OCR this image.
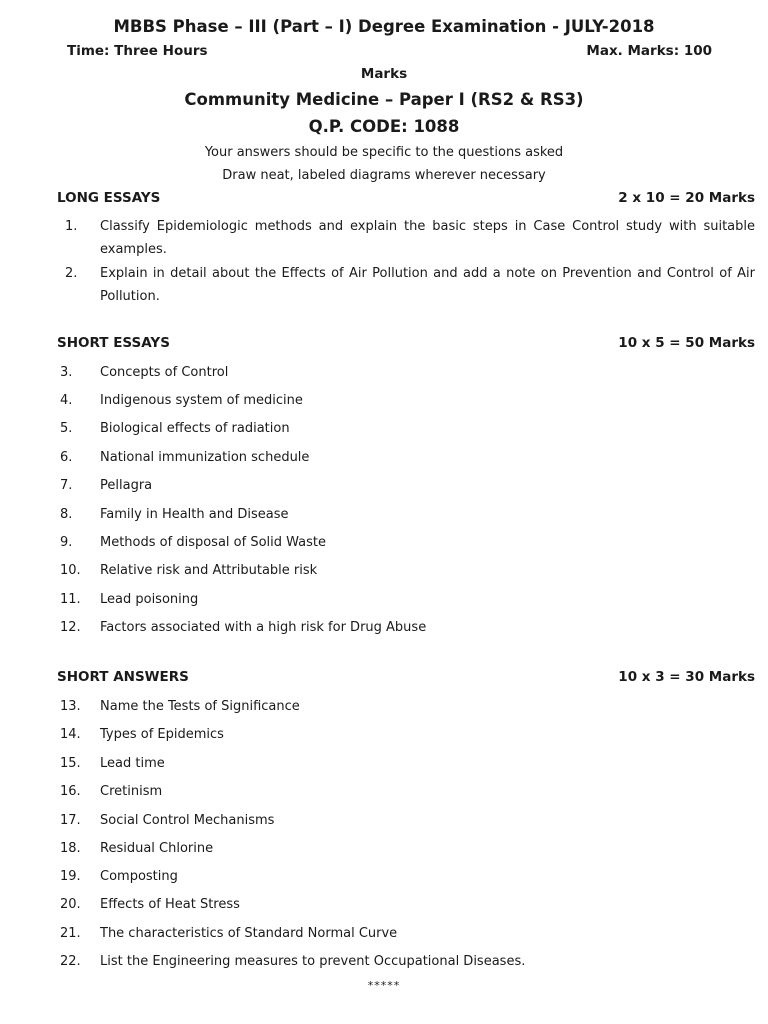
MBBS Phase – III (Part – I) Degree Examination - JULY-2018
Time: Three Hours	Max. Marks: 100
Marks
Community Medicine – Paper I (RS2 & RS3)
Q.P. CODE: 1088
Your answers should be specific to the questions asked
Draw neat, labeled diagrams wherever necessary
LONG ESSAYS	2 x 10 = 20 Marks
1.	Classify Epidemiologic methods and explain the basic steps in Case Control study with suitable examples.
2.	Explain in detail about the Effects of Air Pollution and add a note on Prevention and Control of Air Pollution.
SHORT ESSAYS	10 x 5 = 50 Marks
3.	Concepts of Control
4.	Indigenous system of medicine
5.	Biological effects of radiation
6.	National immunization schedule
7.	Pellagra
8.	Family in Health and Disease
9.	Methods of disposal of Solid Waste
10.	Relative risk and Attributable risk
11.	Lead poisoning
12.	Factors associated with a high risk for Drug Abuse
SHORT ANSWERS	10 x 3 = 30 Marks
13.	Name the Tests of Significance
14.	Types of Epidemics
15.	Lead time
16.	Cretinism
17.	Social Control Mechanisms
18.	Residual Chlorine
19.	Composting
20.	Effects of Heat Stress
21.	The characteristics of Standard Normal Curve
22.	List the Engineering measures to prevent Occupational Diseases.
*****
